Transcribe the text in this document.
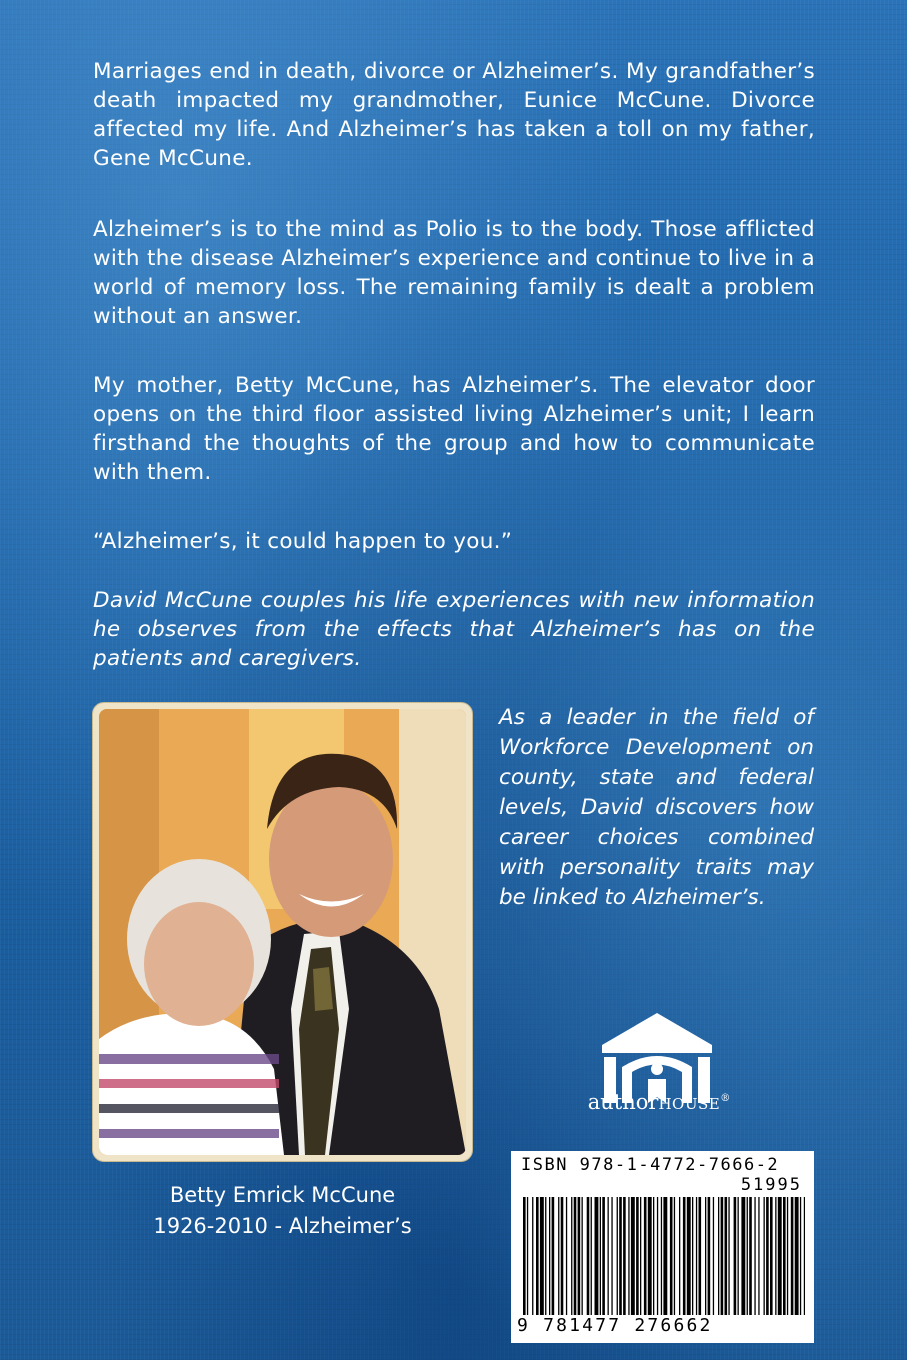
Marriages end in death, divorce or Alzheimer’s. My grandfather’s death impacted my grandmother, Eunice McCune. Divorce affected my life. And Alzheimer’s has taken a toll on my father, Gene McCune.

Alzheimer’s is to the mind as Polio is to the body. Those afflicted with the disease Alzheimer’s experience and continue to live in a world of memory loss. The remaining family is dealt a problem without an answer.

My mother, Betty McCune, has Alzheimer’s. The elevator door opens on the third floor assisted living Alzheimer’s unit; I learn firsthand the thoughts of the group and how to communicate with them.

“Alzheimer’s, it could happen to you.”

David McCune couples his life experiences with new information he observes from the effects that Alzheimer’s has on the patients and caregivers.

Betty Emrick McCune

1926-2010 - Alzheimer’s

As a leader in the field of Workforce Development on county, state and federal levels, David discovers how career choices combined with personality traits may be linked to Alzheimer’s.

authorHOUSE®

ISBN 978-1-4772-7666-2

51995

9 781477 276662
